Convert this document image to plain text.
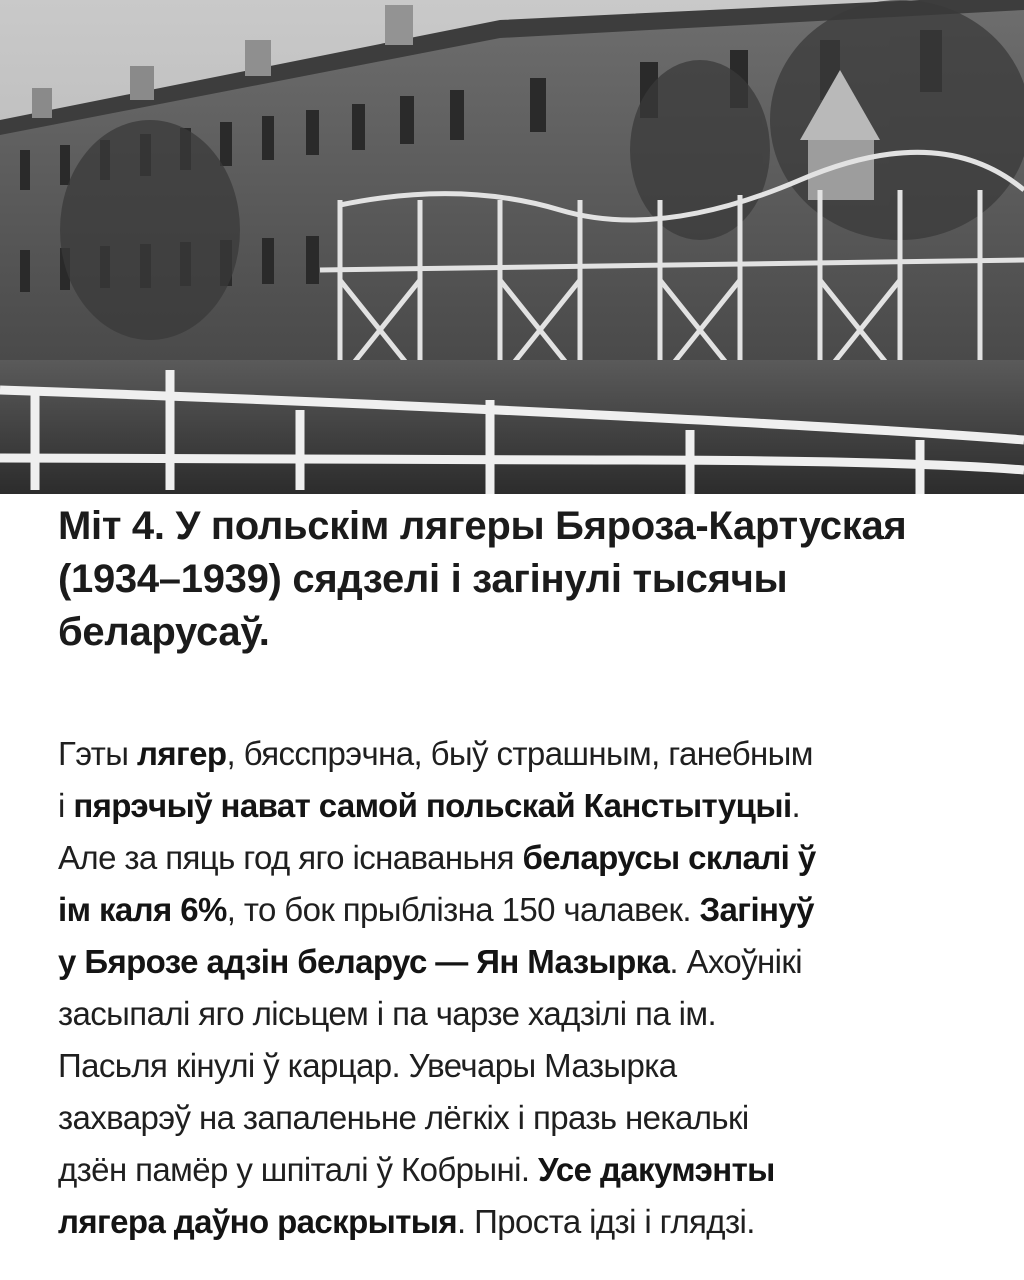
Міт 4. У польскім лягеры Бяроза-Картуская
(1934–1939) сядзелі і загінулі тысячы
беларусаў.

Гэты лягер, бясспрэчна, быў страшным, ганебным
і пярэчыў нават самой польскай Канстытуцыі.
Але за пяць год яго існаваньня беларусы склалі ў
ім каля 6%, то бок прыблізна 150 чалавек. Загінуў
у Бярозе адзін беларус — Ян Мазырка. Ахоўнікі
засыпалі яго лісьцем і па чарзе хадзілі па ім.
Пасьля кінулі ў карцар. Увечары Мазырка
захварэў на запаленьне лёгкіх і празь некалькі
дзён памёр у шпіталі ў Кобрыні. Усе дакумэнты
лягера даўно раскрытыя. Проста ідзі і глядзі.
